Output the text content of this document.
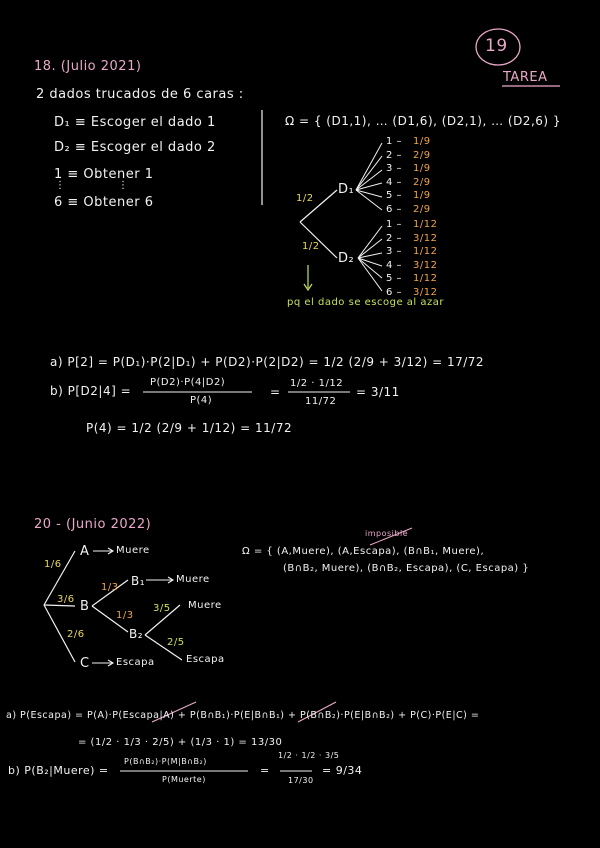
19
TAREA
18. (Julio 2021)
2 dados trucados de 6 caras :
D₁ ≡ Escoger el dado 1
D₂ ≡ Escoger el dado 2
1 ≡ Obtener 1
⋮	⋮
6 ≡ Obtener 6
Ω = { (D1,1), … (D1,6), (D2,1), … (D2,6) }
1/2
1/2
D₁
D₂
1 – 1/9
2 – 2/9
3 – 1/9
4 – 2/9
5 – 1/9
6 – 2/9
1 – 1/12
2 – 3/12
3 – 1/12
4 – 3/12
5 – 1/12
6 – 3/12
pq el dado se escoge al azar
a) P[2] = P(D₁)·P(2|D₁) + P(D2)·P(2|D2) = 1/2 (2/9 + 3/12) = 17/72
b) P[D2|4] =
P(D2)·P(4|D2)
P(4)
=
1/2 · 1/12
11/72
= 3/11
P(4) = 1/2 (2/9 + 1/12) = 11/72
20 - (Junio 2022)
1/6
3/6
2/6
A
B
C
Muere
Escapa
1/3
1/3
B₁
B₂
Muere
3/5
2/5
Muere
Escapa
imposible
Ω = { (A,Muere), (A,Escapa), (B∩B₁, Muere),
(B∩B₂, Muere), (B∩B₂, Escapa), (C, Escapa) }
a) P(Escapa) = P(A)·P(Escapa|A) + P(B∩B₁)·P(E|B∩B₁) + P(B∩B₂)·P(E|B∩B₂) + P(C)·P(E|C) =
= (1/2 · 1/3 · 2/5) + (1/3 · 1) = 13/30
b) P(B₂|Muere) =
P(B∩B₂)·P(M|B∩B₂)
P(Muerte)
=
1/2 · 1/2 · 3/5
17/30
= 9/34
